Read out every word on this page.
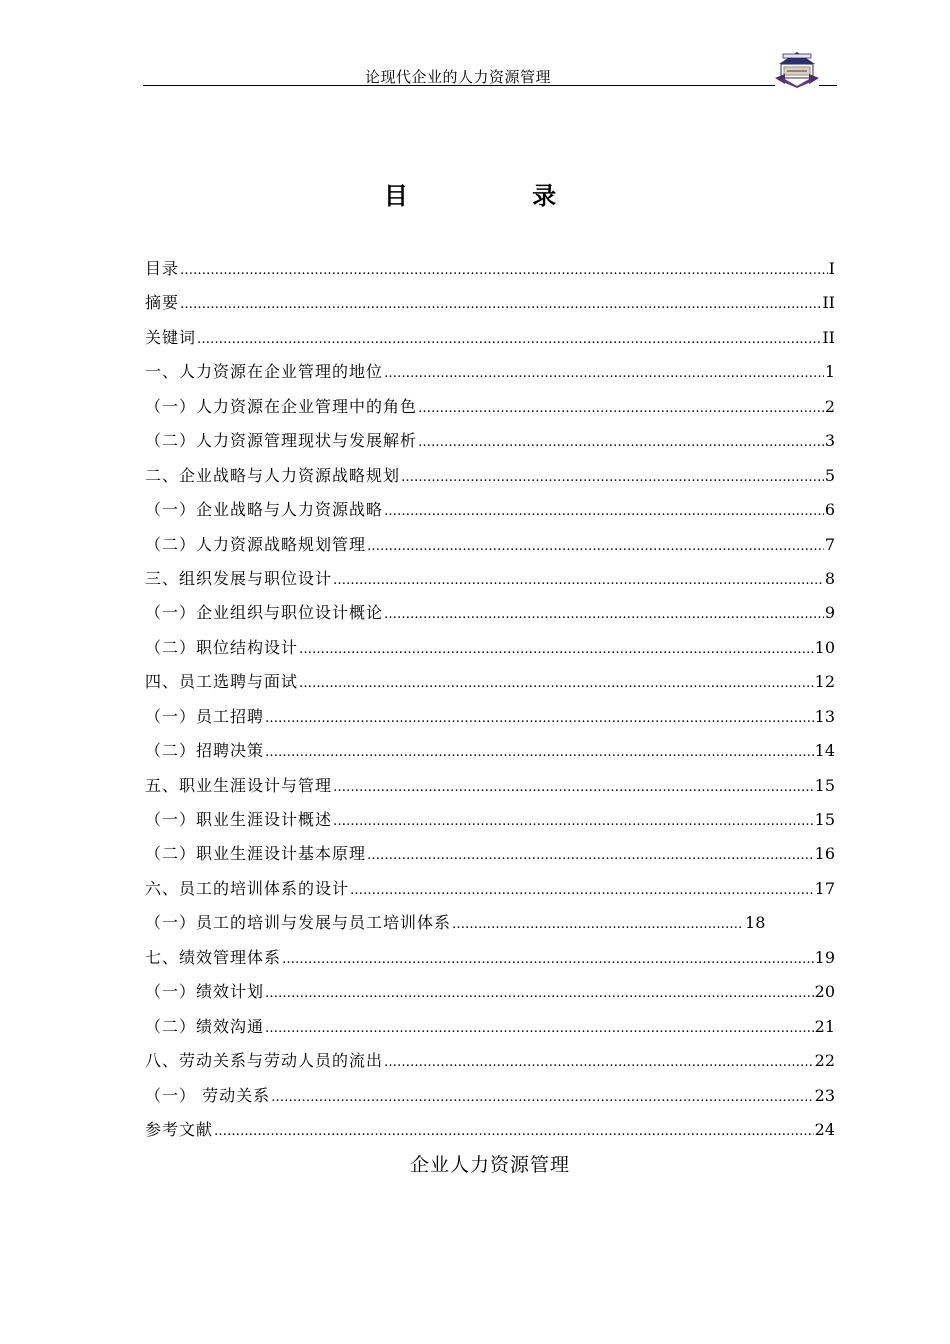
论现代企业的人力资源管理
目 录
目录 ………………………………………………………………………………………………………………………………………………………………………………	I
摘要 ………………………………………………………………………………………………………………………………………………………………………………	II
关键词 ………………………………………………………………………………………………………………………………………………………………………………	II
一、人力资源在企业管理的地位 ………………………………………………………………………………………………………………………………………………………………………………	1
（一）人力资源在企业管理中的角色 ………………………………………………………………………………………………………………………………………………………………………………	2
（二）人力资源管理现状与发展解析 ………………………………………………………………………………………………………………………………………………………………………………	3
二、企业战略与人力资源战略规划 ………………………………………………………………………………………………………………………………………………………………………………	5
（一）企业战略与人力资源战略 ………………………………………………………………………………………………………………………………………………………………………………	6
（二）人力资源战略规划管理 ………………………………………………………………………………………………………………………………………………………………………………	7
三、组织发展与职位设计 ………………………………………………………………………………………………………………………………………………………………………………	8
（一）企业组织与职位设计概论 ………………………………………………………………………………………………………………………………………………………………………………	9
（二）职位结构设计 ………………………………………………………………………………………………………………………………………………………………………………	10
四、员工选聘与面试 ………………………………………………………………………………………………………………………………………………………………………………	12
（一）员工招聘 ………………………………………………………………………………………………………………………………………………………………………………	13
（二）招聘决策 ………………………………………………………………………………………………………………………………………………………………………………	14
五、职业生涯设计与管理 ………………………………………………………………………………………………………………………………………………………………………………	15
（一）职业生涯设计概述 ………………………………………………………………………………………………………………………………………………………………………………	15
（二）职业生涯设计基本原理 ………………………………………………………………………………………………………………………………………………………………………………	16
六、员工的培训体系的设计 ………………………………………………………………………………………………………………………………………………………………………………	17
（一）员工的培训与发展与员工培训体系 ………………………………………………………………………………………………………………………………………………………………………………	18
七、绩效管理体系 ………………………………………………………………………………………………………………………………………………………………………………	19
（一）绩效计划 ………………………………………………………………………………………………………………………………………………………………………………	20
（二）绩效沟通 ………………………………………………………………………………………………………………………………………………………………………………	21
八、劳动关系与劳动人员的流出 ………………………………………………………………………………………………………………………………………………………………………………	22
（一） 劳动关系 ………………………………………………………………………………………………………………………………………………………………………………	23
参考文献 ………………………………………………………………………………………………………………………………………………………………………………	24
企业人力资源管理
